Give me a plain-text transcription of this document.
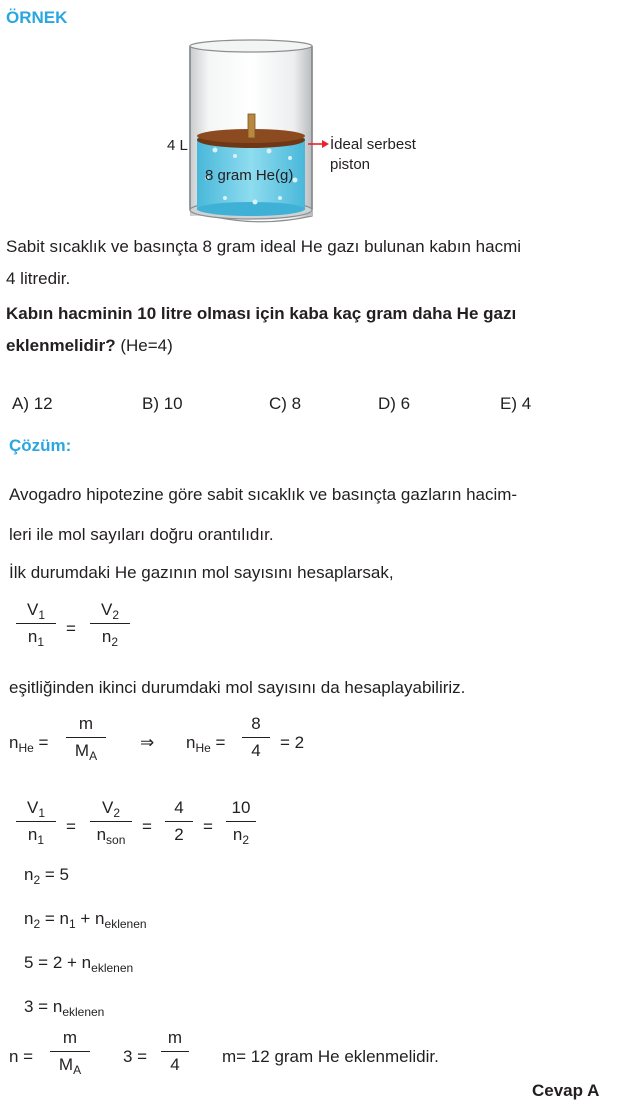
ÖRNEK
4 L
8 gram He(g)
İdeal serbest
piston
Sabit sıcaklık ve basınçta 8 gram ideal He gazı bulunan kabın hacmi
4 litredir.
Kabın hacminin 10 litre olması için kaba kaç gram daha He gazı
eklenmelidir? (He=4)
A) 12	B) 10	C) 8	D) 6	E) 4
Çözüm:
Avogadro hipotezine göre sabit sıcaklık ve basınçta gazların hacim-
leri ile mol sayıları doğru orantılıdır.
İlk durumdaki He gazının mol sayısını hesaplarsak,
$V_1$
$n_1$
=
$V_2$
$n_2$
eşitliğinden ikinci durumdaki mol sayısını da hesaplayabiliriz.
$n_{He}$ =
m
$M_A$
⇒ $n_{He}$ =
8
4	= 2
$V_1$
$n_1$
=
$V_2$
$n_{son}$
=
4
2	=
10
$n_2$
$n_2 = 5$
$n_2 = n_1 + n_{eklenen}$
$5 = 2 + n_{eklenen}$
$3 = n_{eklenen}$
n =
m
$M_A$
3 =
m
4	m= 12 gram He eklenmelidir.
Cevap A
